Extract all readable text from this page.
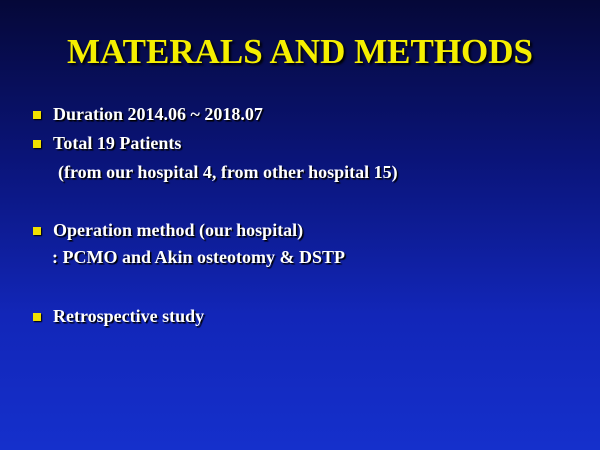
MATERALS AND METHODS
Duration 2014.06 ~ 2018.07
Total 19 Patients
(from our hospital 4, from other hospital 15)
Operation method (our hospital)
: PCMO and Akin osteotomy & DSTP
Retrospective study
